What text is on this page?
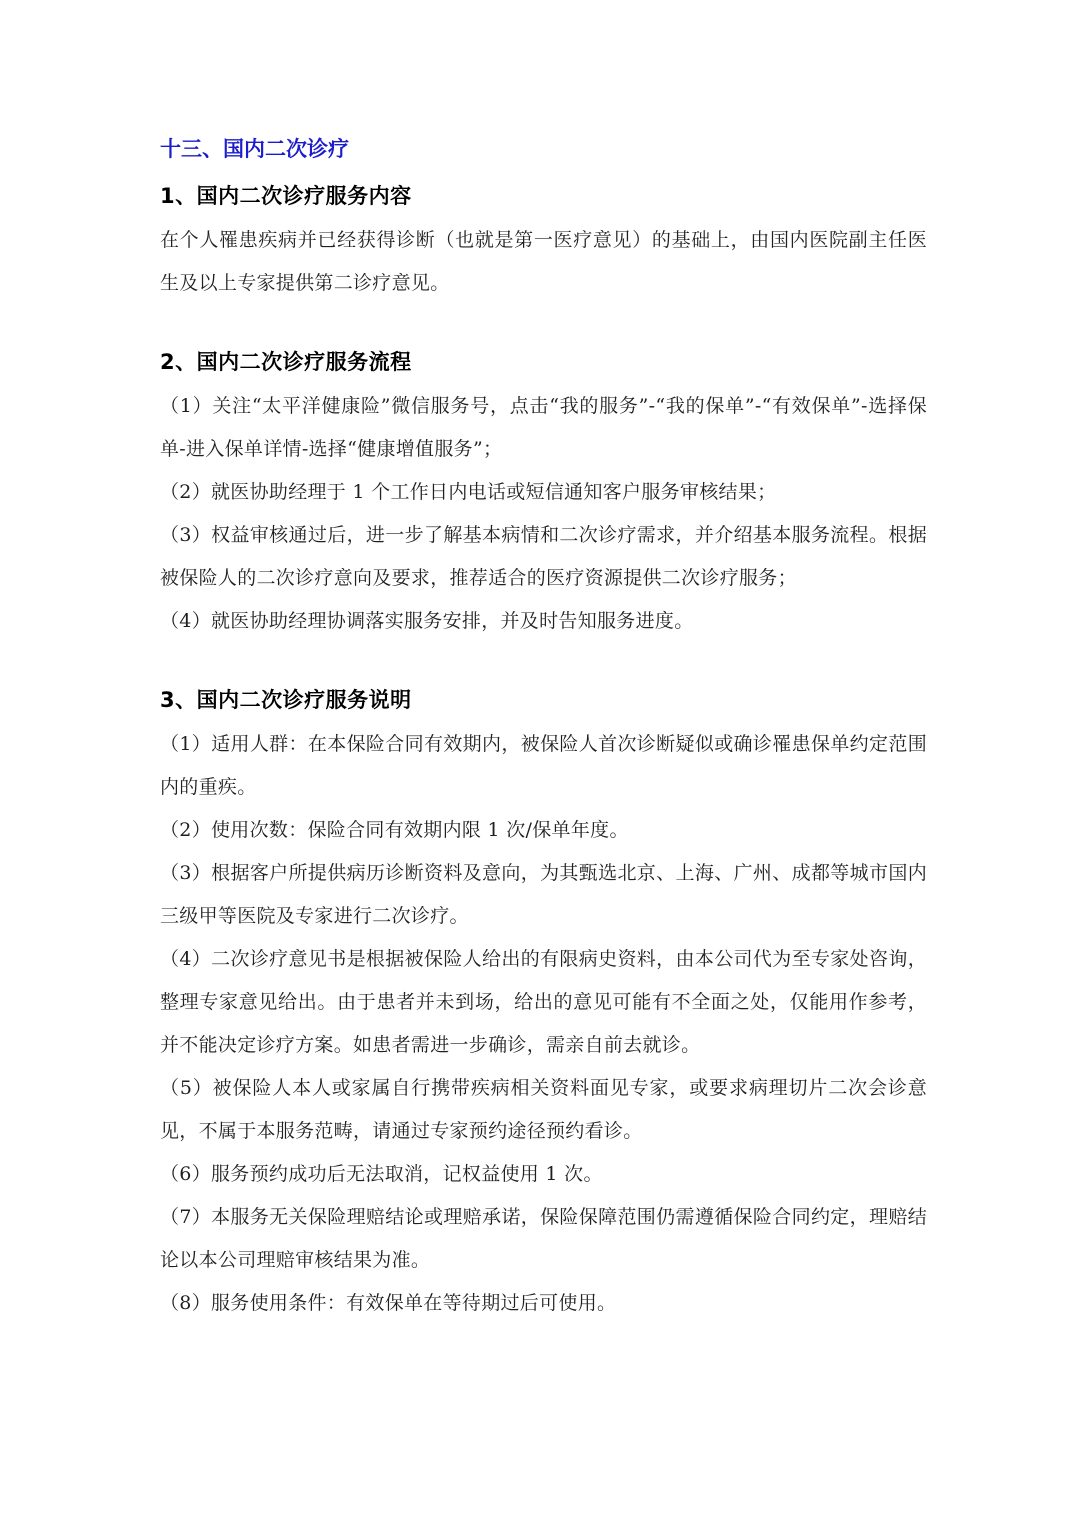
十三、国内二次诊疗
1、国内二次诊疗服务内容

在个人罹患疾病并已经获得诊断（也就是第一医疗意见）的基础上，由国内医院副主任医生及以上专家提供第二诊疗意见。

2、国内二次诊疗服务流程

（1）关注“太平洋健康险”微信服务号，点击“我的服务”-“我的保单”-“有效保单”-选择保单-进入保单详情-选择“健康增值服务”；

（2）就医协助经理于 1 个工作日内电话或短信通知客户服务审核结果；

（3）权益审核通过后，进一步了解基本病情和二次诊疗需求，并介绍基本服务流程。根据被保险人的二次诊疗意向及要求，推荐适合的医疗资源提供二次诊疗服务；

（4）就医协助经理协调落实服务安排，并及时告知服务进度。

3、国内二次诊疗服务说明

（1）适用人群：在本保险合同有效期内，被保险人首次诊断疑似或确诊罹患保单约定范围内的重疾。

（2）使用次数：保险合同有效期内限 1 次/保单年度。

（3）根据客户所提供病历诊断资料及意向，为其甄选北京、上海、广州、成都等城市国内三级甲等医院及专家进行二次诊疗。

（4）二次诊疗意见书是根据被保险人给出的有限病史资料，由本公司代为至专家处咨询，整理专家意见给出。由于患者并未到场，给出的意见可能有不全面之处，仅能用作参考，并不能决定诊疗方案。如患者需进一步确诊，需亲自前去就诊。

（5）被保险人本人或家属自行携带疾病相关资料面见专家，或要求病理切片二次会诊意见，不属于本服务范畴，请通过专家预约途径预约看诊。

（6）服务预约成功后无法取消，记权益使用 1 次。

（7）本服务无关保险理赔结论或理赔承诺，保险保障范围仍需遵循保险合同约定，理赔结论以本公司理赔审核结果为准。

（8）服务使用条件：有效保单在等待期过后可使用。
